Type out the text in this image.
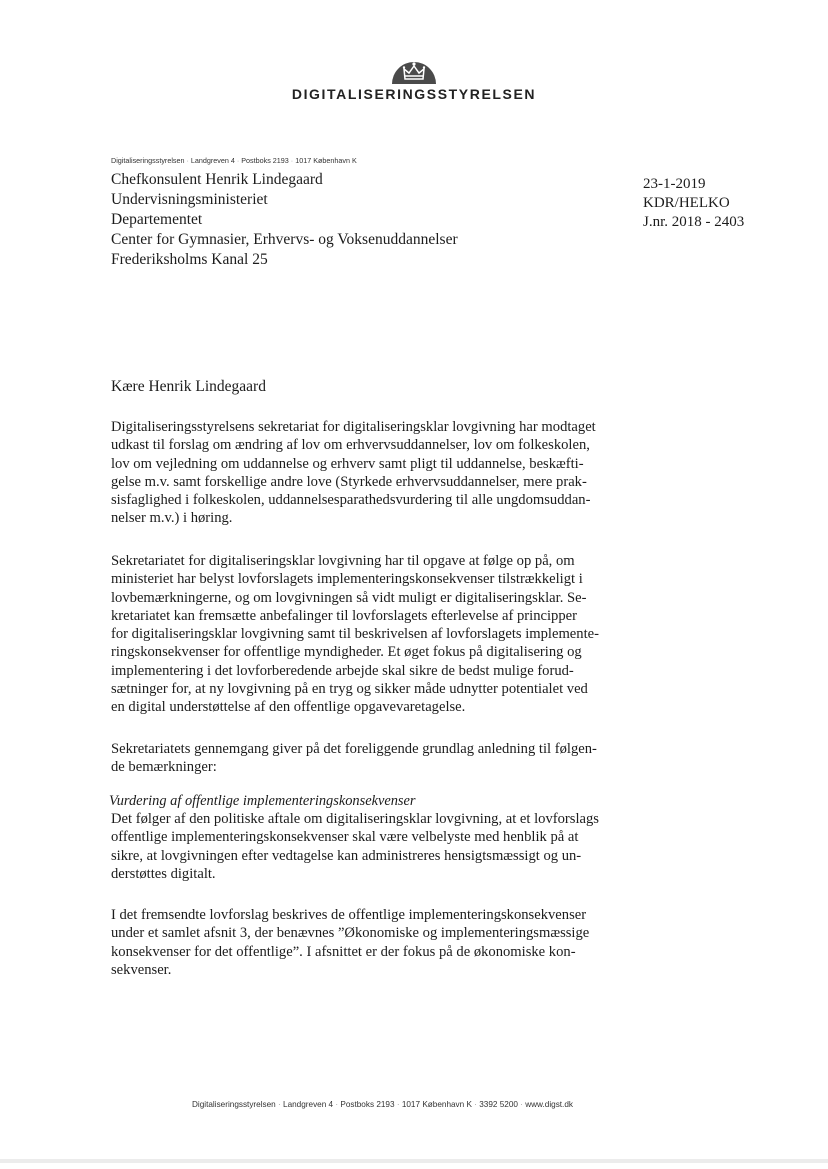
DIGITALISERINGSSTYRELSEN
Digitaliseringsstyrelsen · Landgreven 4 · Postboks 2193 · 1017 København K
Chefkonsulent Henrik Lindegaard
Undervisningsministeriet
Departementet
Center for Gymnasier, Erhvervs- og Voksenuddannelser
Frederiksholms Kanal 25
23-1-2019
KDR/HELKO
J.nr. 2018 - 2403
Kære Henrik Lindegaard
Digitaliseringsstyrelsens sekretariat for digitaliseringsklar lovgivning har modtaget
udkast til forslag om ændring af lov om erhvervsuddannelser, lov om folkeskolen,
lov om vejledning om uddannelse og erhverv samt pligt til uddannelse, beskæfti-
gelse m.v. samt forskellige andre love (Styrkede erhvervsuddannelser, mere prak-
sisfaglighed i folkeskolen, uddannelsesparathedsvurdering til alle ungdomsuddan-
nelser m.v.) i høring.
Sekretariatet for digitaliseringsklar lovgivning har til opgave at følge op på, om
ministeriet har belyst lovforslagets implementeringskonsekvenser tilstrækkeligt i
lovbemærkningerne, og om lovgivningen så vidt muligt er digitaliseringsklar. Se-
kretariatet kan fremsætte anbefalinger til lovforslagets efterlevelse af principper
for digitaliseringsklar lovgivning samt til beskrivelsen af lovforslagets implemente-
ringskonsekvenser for offentlige myndigheder. Et øget fokus på digitalisering og
implementering i det lovforberedende arbejde skal sikre de bedst mulige forud-
sætninger for, at ny lovgivning på en tryg og sikker måde udnytter potentialet ved
en digital understøttelse af den offentlige opgavevaretagelse.
Sekretariatets gennemgang giver på det foreliggende grundlag anledning til følgen-
de bemærkninger:
Vurdering af offentlige implementeringskonsekvenser
Det følger af den politiske aftale om digitaliseringsklar lovgivning, at et lovforslags
offentlige implementeringskonsekvenser skal være velbelyste med henblik på at
sikre, at lovgivningen efter vedtagelse kan administreres hensigtsmæssigt og un-
derstøttes digitalt.
I det fremsendte lovforslag beskrives de offentlige implementeringskonsekvenser
under et samlet afsnit 3, der benævnes ”Økonomiske og implementeringsmæssige
konsekvenser for det offentlige”. I afsnittet er der fokus på de økonomiske kon-
sekvenser.
Digitaliseringsstyrelsen · Landgreven 4 · Postboks 2193 · 1017 København K · 3392 5200 · www.digst.dk
